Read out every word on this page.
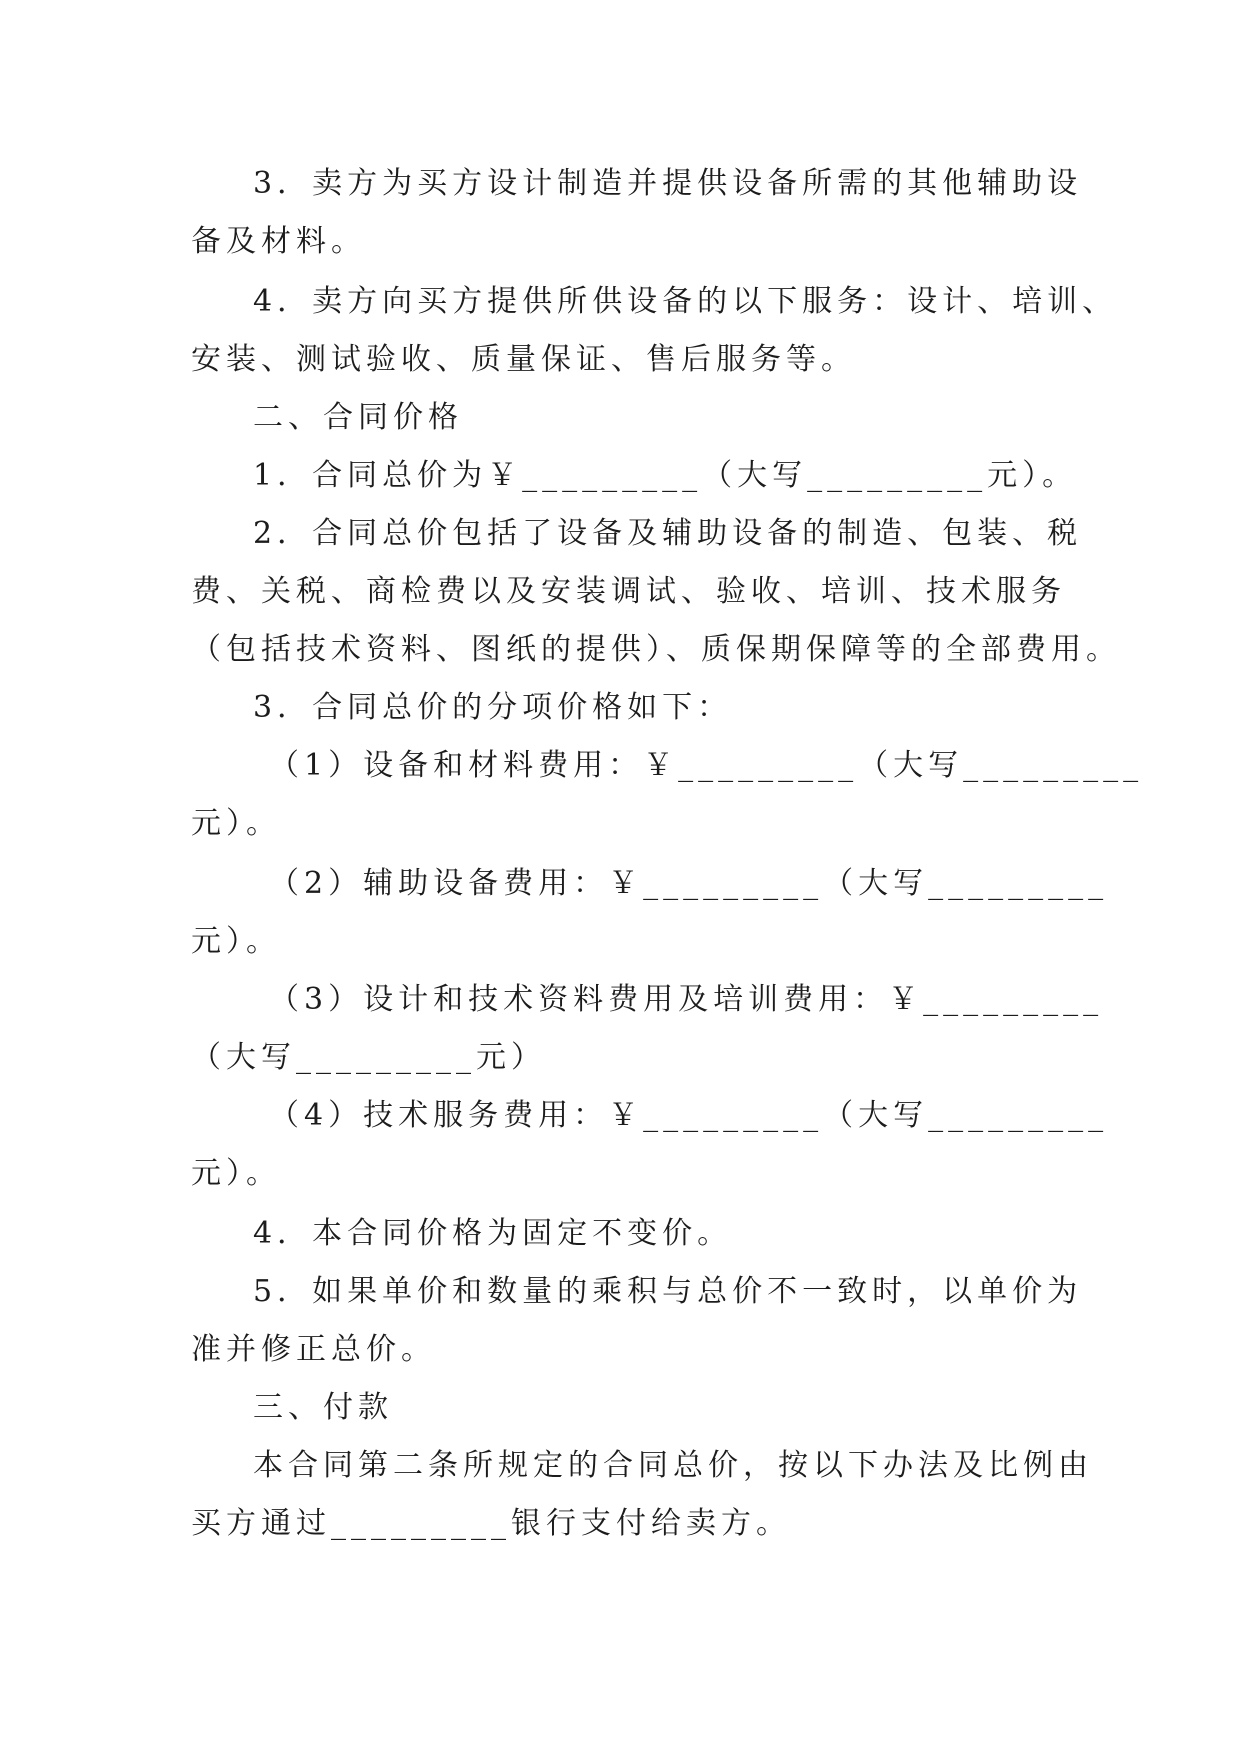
3．卖方为买方设计制造并提供设备所需的其他辅助设
备及材料。
4．卖方向买方提供所供设备的以下服务：设计、培训、
安装、测试验收、质量保证、售后服务等。
二、合同价格
1．合同总价为￥_________（大写_________元）。
2．合同总价包括了设备及辅助设备的制造、包装、税
费、关税、商检费以及安装调试、验收、培训、技术服务
（包括技术资料、图纸的提供）、质保期保障等的全部费用。
3．合同总价的分项价格如下：
（1）设备和材料费用：￥_________（大写_________
元）。
（2）辅助设备费用：￥_________（大写_________
元）。
（3）设计和技术资料费用及培训费用：￥_________
（大写_________元）
（4）技术服务费用：￥_________（大写_________
元）。
4．本合同价格为固定不变价。
5．如果单价和数量的乘积与总价不一致时，以单价为
准并修正总价。
三、付款
本合同第二条所规定的合同总价，按以下办法及比例由
买方通过_________银行支付给卖方。
